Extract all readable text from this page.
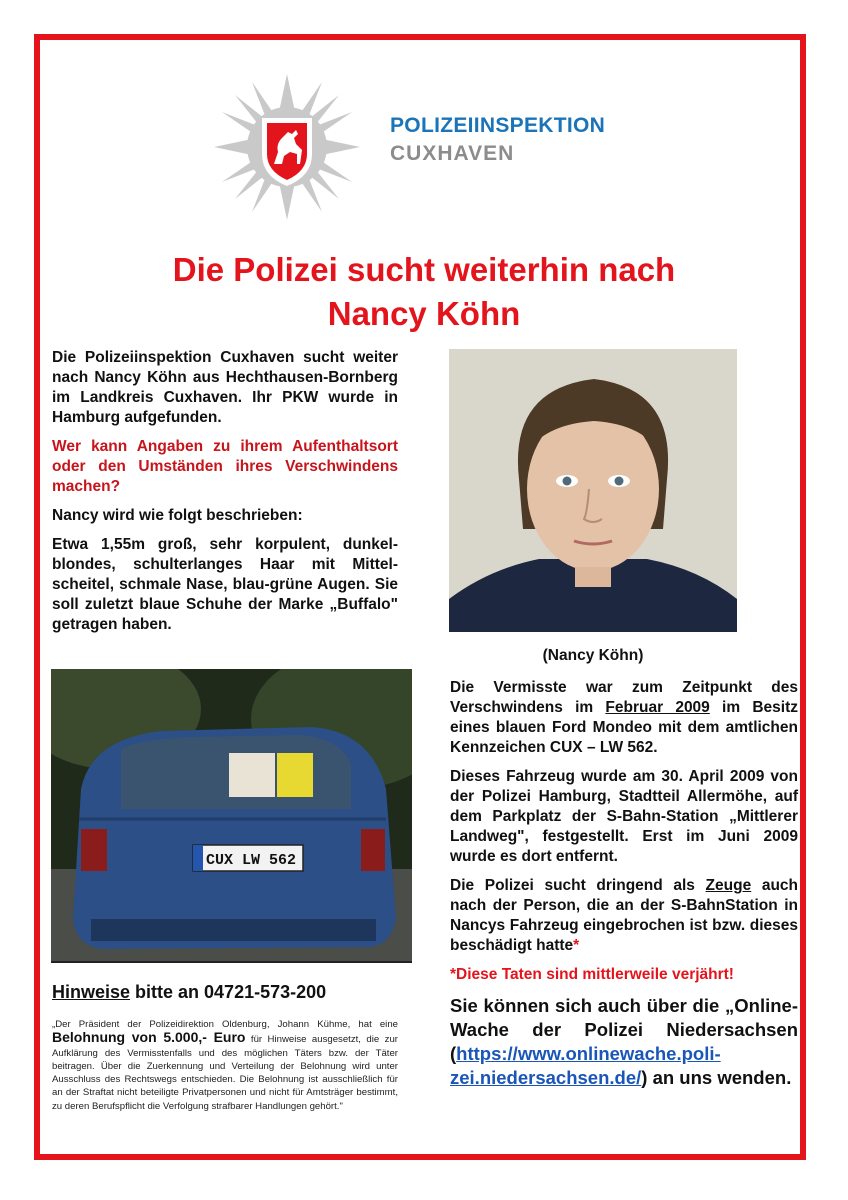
POLIZEIINSPEKTION
CUXHAVEN
Die Polizei sucht weiterhin nach
Nancy Köhn

Die Polizeiinspektion Cuxhaven sucht weiter nach Nancy Köhn aus Hechthausen-Bornberg im Landkreis Cuxhaven. Ihr PKW wurde in Hamburg aufgefunden.

Wer kann Angaben zu ihrem Aufenthaltsort oder den Umständen ihres Verschwindens machen?

Nancy wird wie folgt beschrieben:

Etwa 1,55m groß, sehr korpulent, dunkelblondes, schulterlanges Haar mit Mittelscheitel, schmale Nase, blau-grüne Augen. Sie soll zuletzt blaue Schuhe der Marke „Buffalo" getragen haben.

CUX LW 562
Hinweise bitte an 04721-573-200
„Der Präsident der Polizeidirektion Oldenburg, Johann Kühme, hat eine Belohnung von 5.000,- Euro für Hinweise ausgesetzt, die zur Aufklärung des Vermisstenfalls und des möglichen Täters bzw. der Täter beitragen. Über die Zuerkennung und Verteilung der Belohnung wird unter Ausschluss des Rechtswegs entschieden. Die Belohnung ist ausschließlich für an der Straftat nicht beteiligte Privatpersonen und nicht für Amtsträger bestimmt, zu deren Berufspflicht die Verfolgung strafbarer Handlungen gehört."
(Nancy Köhn)

Die Vermisste war zum Zeitpunkt des Verschwindens im Februar 2009 im Besitz eines blauen Ford Mondeo mit dem amtlichen Kennzeichen CUX – LW 562.

Dieses Fahrzeug wurde am 30. April 2009 von der Polizei Hamburg, Stadtteil Allermöhe, auf dem Parkplatz der S-Bahn-Station „Mittlerer Landweg", festgestellt. Erst im Juni 2009 wurde es dort entfernt.

Die Polizei sucht dringend als Zeuge auch nach der Person, die an der S-BahnStation in Nancys Fahrzeug eingebrochen ist bzw. dieses beschädigt hatte*

*Diese Taten sind mittlerweile verjährt!

Sie können sich auch über die „Online-Wache der Polizei Niedersachsen (https://www.onlinewache.polizei.niedersachsen.de/) an uns wenden.
